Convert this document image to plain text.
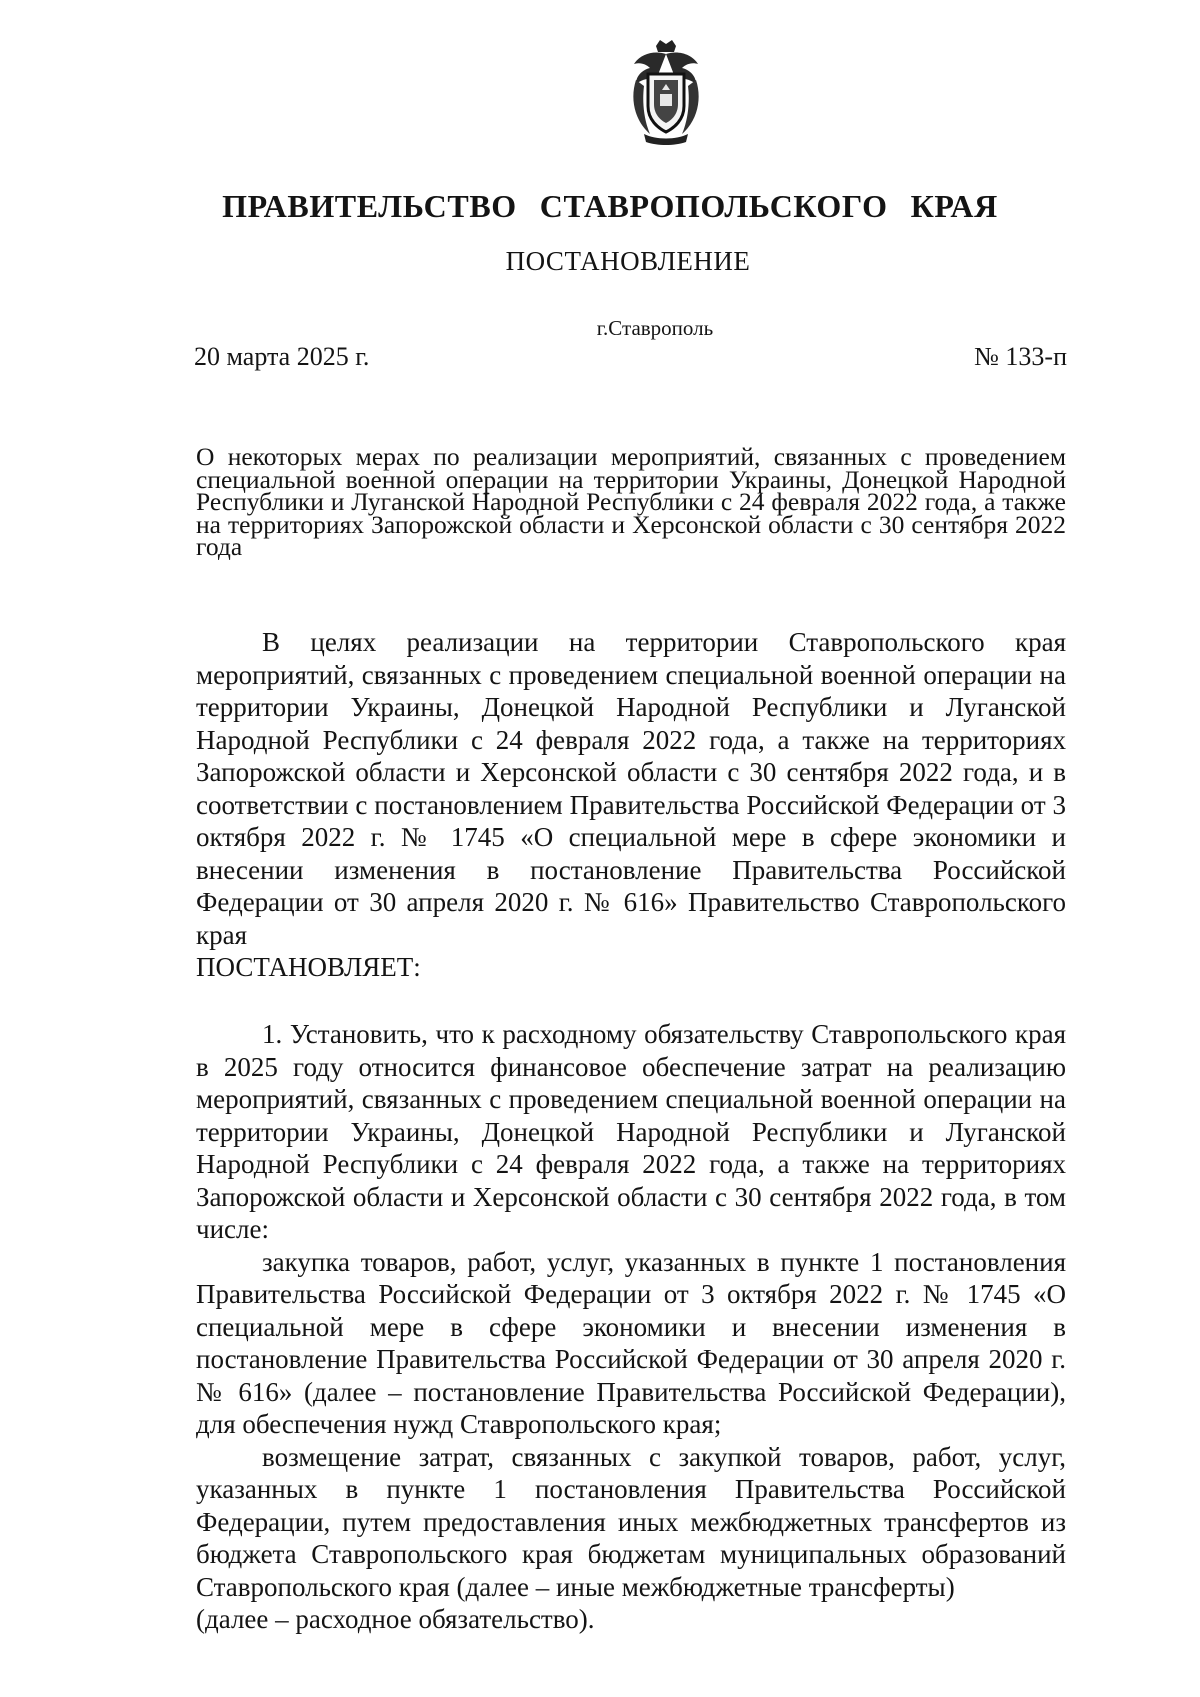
ПРАВИТЕЛЬСТВО СТАВРОПОЛЬСКОГО КРАЯ
ПОСТАНОВЛЕНИЕ
г.Ставрополь
20 марта 2025 г.	№ 133-п
О некоторых мерах по реализации мероприятий, связанных с проведением специальной военной операции на территории Украины, Донецкой Народной Республики и Луганской Народной Республики с 24 февраля 2022 года, а также на территориях Запорожской области и Херсонской области с 30 сентября 2022 года

В целях реализации на территории Ставропольского края мероприятий, связанных с проведением специальной военной операции на территории Украины, Донецкой Народной Республики и Луганской Народной Республики с 24 февраля 2022 года, а также на территориях Запорожской области и Херсонской области с 30 сентября 2022 года, и в соответствии с постановлением Правительства Российской Федерации от 3 октября 2022 г. № 1745 «О специальной мере в сфере экономики и внесении изменения в постановление Правительства Российской Федерации от 30 апреля 2020 г. № 616» Правительство Ставропольского края

ПОСТАНОВЛЯЕТ:

1. Установить, что к расходному обязательству Ставропольского края в 2025 году относится финансовое обеспечение затрат на реализацию мероприятий, связанных с проведением специальной военной операции на территории Украины, Донецкой Народной Республики и Луганской Народной Республики с 24 февраля 2022 года, а также на территориях Запорожской области и Херсонской области с 30 сентября 2022 года, в том числе:

закупка товаров, работ, услуг, указанных в пункте 1 постановления Правительства Российской Федерации от 3 октября 2022 г. № 1745 «О специальной мере в сфере экономики и внесении изменения в постановление Правительства Российской Федерации от 30 апреля 2020 г. № 616» (далее – постановление Правительства Российской Федерации), для обеспечения нужд Ставропольского края;

возмещение затрат, связанных с закупкой товаров, работ, услуг, указанных в пункте 1 постановления Правительства Российской Федерации, путем предоставления иных межбюджетных трансфертов из бюджета Ставропольского края бюджетам муниципальных образований Ставропольского края (далее – иные межбюджетные трансферты)

(далее – расходное обязательство).
